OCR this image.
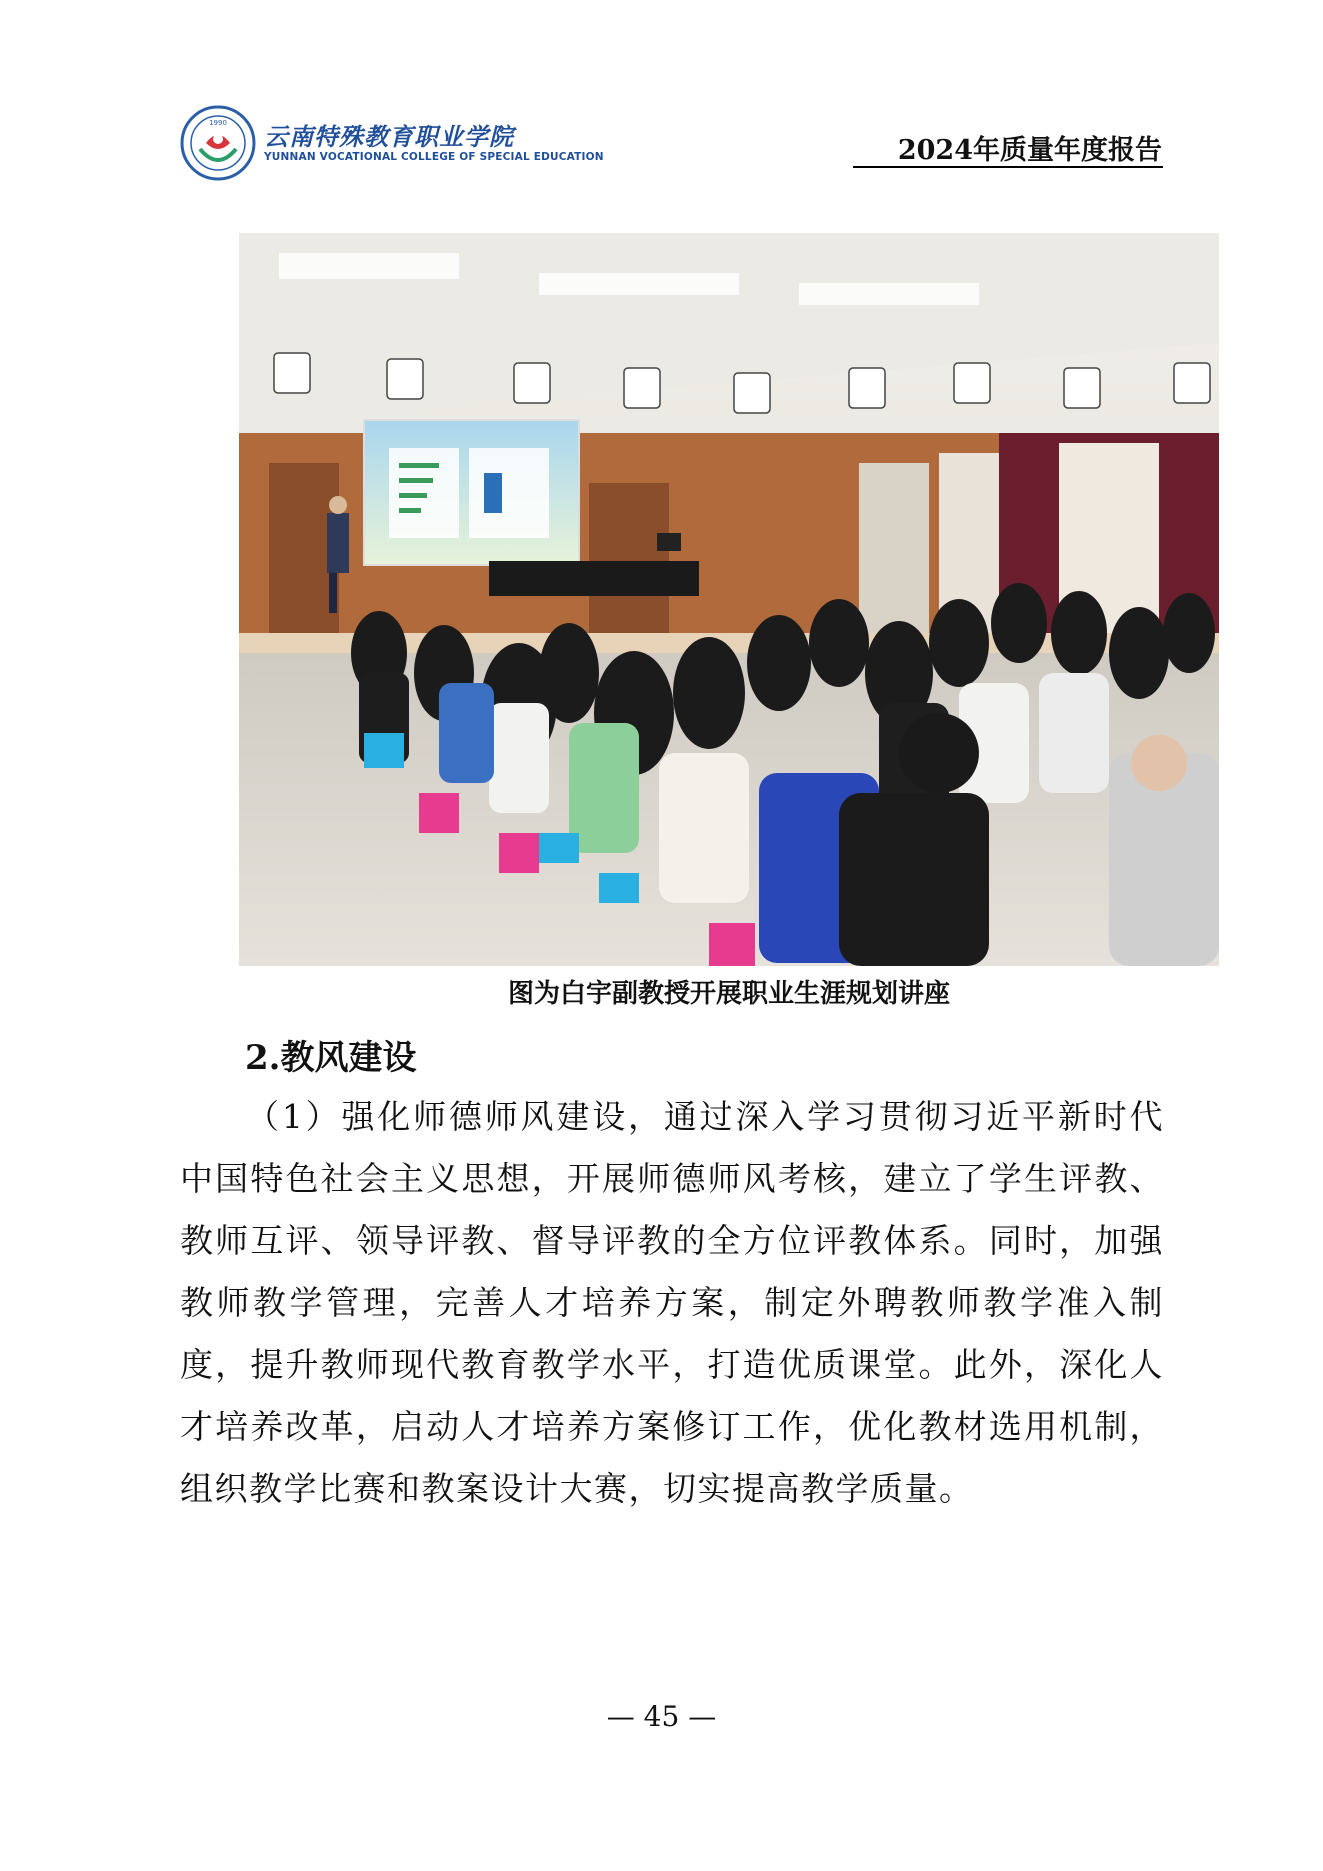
1990 云南特殊教育职业学院
YUNNAN VOCATIONAL COLLEGE OF SPECIAL EDUCATION	2024年质量年度报告
图为白宇副教授开展职业生涯规划讲座
2.教风建设

（1）强化师德师风建设，通过深入学习贯彻习近平新时代中国特色社会主义思想，开展师德师风考核，建立了学生评教、教师互评、领导评教、督导评教的全方位评教体系。同时，加强教师教学管理，完善人才培养方案，制定外聘教师教学准入制度，提升教师现代教育教学水平，打造优质课堂。此外，深化人才培养改革，启动人才培养方案修订工作，优化教材选用机制，组织教学比赛和教案设计大赛，切实提高教学质量。

— 45 —
